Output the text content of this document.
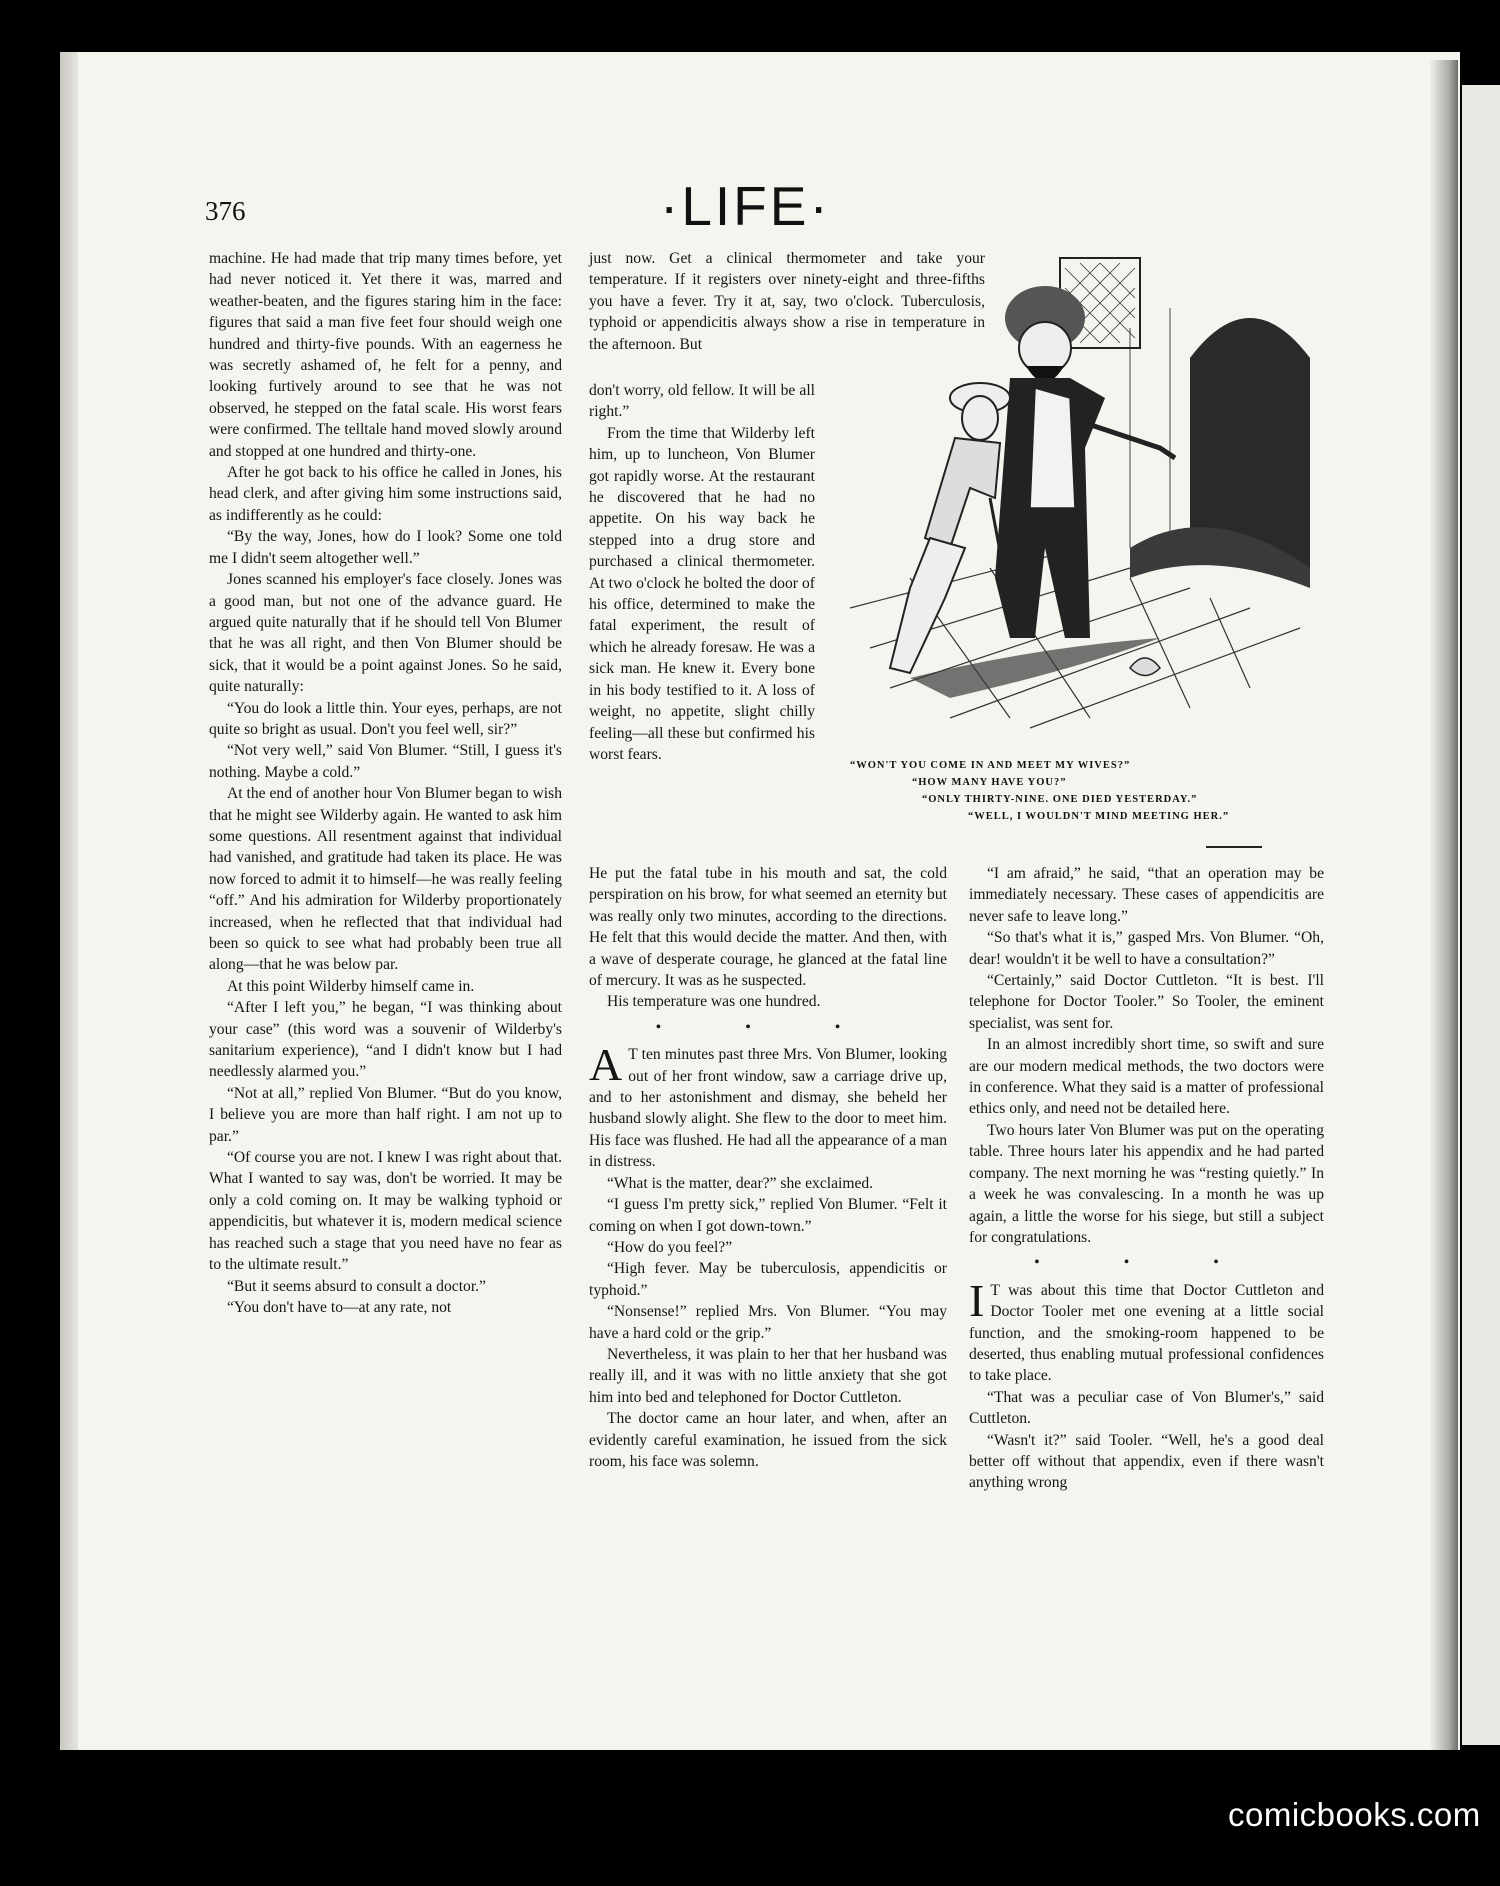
376	·LIFE·

machine. He had made that trip many times before, yet had never noticed it. Yet there it was, marred and weather-beaten, and the figures staring him in the face: figures that said a man five feet four should weigh one hundred and thirty-five pounds. With an eagerness he was secretly ashamed of, he felt for a penny, and looking furtively around to see that he was not observed, he stepped on the fatal scale. His worst fears were confirmed. The telltale hand moved slowly around and stopped at one hundred and thirty-one.

After he got back to his office he called in Jones, his head clerk, and after giving him some instructions said, as indifferently as he could:

“By the way, Jones, how do I look? Some one told me I didn't seem altogether well.”

Jones scanned his employer's face closely. Jones was a good man, but not one of the advance guard. He argued quite naturally that if he should tell Von Blumer that he was all right, and then Von Blumer should be sick, that it would be a point against Jones. So he said, quite naturally:

“You do look a little thin. Your eyes, perhaps, are not quite so bright as usual. Don't you feel well, sir?”

“Not very well,” said Von Blumer. “Still, I guess it's nothing. Maybe a cold.”

At the end of another hour Von Blumer began to wish that he might see Wilderby again. He wanted to ask him some questions. All resentment against that individual had vanished, and gratitude had taken its place. He was now forced to admit it to himself—he was really feeling “off.” And his admiration for Wilderby proportionately increased, when he reflected that that individual had been so quick to see what had probably been true all along—that he was below par.

At this point Wilderby himself came in.

“After I left you,” he began, “I was thinking about your case” (this word was a souvenir of Wilderby's sanitarium experience), “and I didn't know but I had needlessly alarmed you.”

“Not at all,” replied Von Blumer. “But do you know, I believe you are more than half right. I am not up to par.”

“Of course you are not. I knew I was right about that. What I wanted to say was, don't be worried. It may be only a cold coming on. It may be walking typhoid or appendicitis, but whatever it is, modern medical science has reached such a stage that you need have no fear as to the ultimate result.”

“But it seems absurd to consult a doctor.”

“You don't have to—at any rate, not

just now. Get a clinical thermometer and take your temperature. If it registers over ninety-eight and three-fifths you have a fever. Try it at, say, two o'clock. Tuberculosis, typhoid or appendicitis always show a rise in temperature in the afternoon. But

don't worry, old fellow. It will be all right.”

From the time that Wilderby left him, up to luncheon, Von Blumer got rapidly worse. At the restaurant he discovered that he had no appetite. On his way back he stepped into a drug store and purchased a clinical thermometer. At two o'clock he bolted the door of his office, determined to make the fatal experiment, the result of which he already foresaw. He was a sick man. He knew it. Every bone in his body testified to it. A loss of weight, no appetite, slight chilly feeling—all these but confirmed his worst fears.

“WON'T YOU COME IN AND MEET MY WIVES?”
“HOW MANY HAVE YOU?”
“ONLY THIRTY-NINE. ONE DIED YESTERDAY.”
“WELL, I WOULDN'T MIND MEETING HER.”

He put the fatal tube in his mouth and sat, the cold perspiration on his brow, for what seemed an eternity but was really only two minutes, according to the directions. He felt that this would decide the matter. And then, with a wave of desperate courage, he glanced at the fatal line of mercury. It was as he suspected.

His temperature was one hundred.

• • •

A T ten minutes past three Mrs. Von Blumer, looking out of her front window, saw a carriage drive up, and to her astonishment and dismay, she beheld her husband slowly alight. She flew to the door to meet him. His face was flushed. He had all the appearance of a man in distress.

“What is the matter, dear?” she exclaimed.

“I guess I'm pretty sick,” replied Von Blumer. “Felt it coming on when I got down-town.”

“How do you feel?”

“High fever. May be tuberculosis, appendicitis or typhoid.”

“Nonsense!” replied Mrs. Von Blumer. “You may have a hard cold or the grip.”

Nevertheless, it was plain to her that her husband was really ill, and it was with no little anxiety that she got him into bed and telephoned for Doctor Cuttleton.

The doctor came an hour later, and when, after an evidently careful examination, he issued from the sick room, his face was solemn.

“I am afraid,” he said, “that an operation may be immediately necessary. These cases of appendicitis are never safe to leave long.”

“So that's what it is,” gasped Mrs. Von Blumer. “Oh, dear! wouldn't it be well to have a consultation?”

“Certainly,” said Doctor Cuttleton. “It is best. I'll telephone for Doctor Tooler.” So Tooler, the eminent specialist, was sent for.

In an almost incredibly short time, so swift and sure are our modern medical methods, the two doctors were in conference. What they said is a matter of professional ethics only, and need not be detailed here.

Two hours later Von Blumer was put on the operating table. Three hours later his appendix and he had parted company. The next morning he was “resting quietly.” In a week he was convalescing. In a month he was up again, a little the worse for his siege, but still a subject for congratulations.

• • •

I T was about this time that Doctor Cuttleton and Doctor Tooler met one evening at a little social function, and the smoking-room happened to be deserted, thus enabling mutual professional confidences to take place.

“That was a peculiar case of Von Blumer's,” said Cuttleton.

“Wasn't it?” said Tooler. “Well, he's a good deal better off without that appendix, even if there wasn't anything wrong

comicbooks.com
